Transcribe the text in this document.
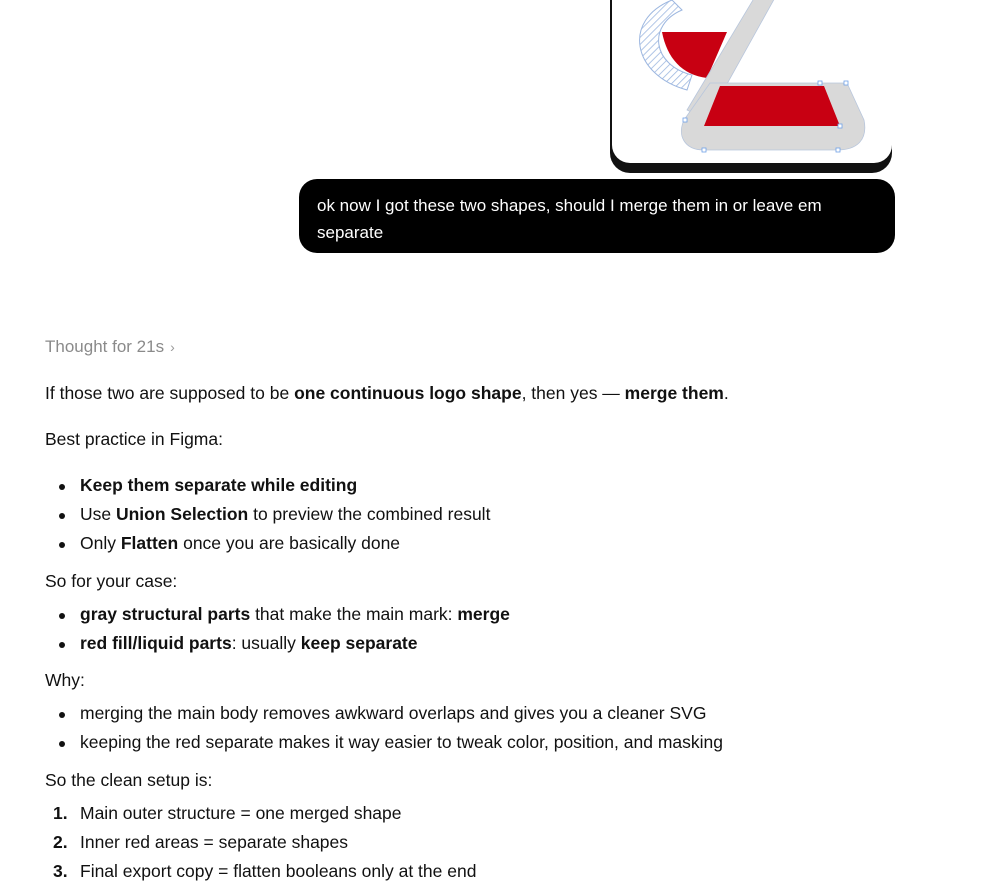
ok now I got these two shapes, should I merge them in or leave em separate
Thought for 21s ›

If those two are supposed to be one continuous logo shape, then yes — merge them.

Best practice in Figma:

Keep them separate while editing
Use Union Selection to preview the combined result
Only Flatten once you are basically done

So for your case:

gray structural parts that make the main mark: merge
red fill/liquid parts: usually keep separate

Why:

merging the main body removes awkward overlaps and gives you a cleaner SVG
keeping the red separate makes it way easier to tweak color, position, and masking

So the clean setup is:

1. Main outer structure = one merged shape
2. Inner red areas = separate shapes
3. Final export copy = flatten booleans only at the end
